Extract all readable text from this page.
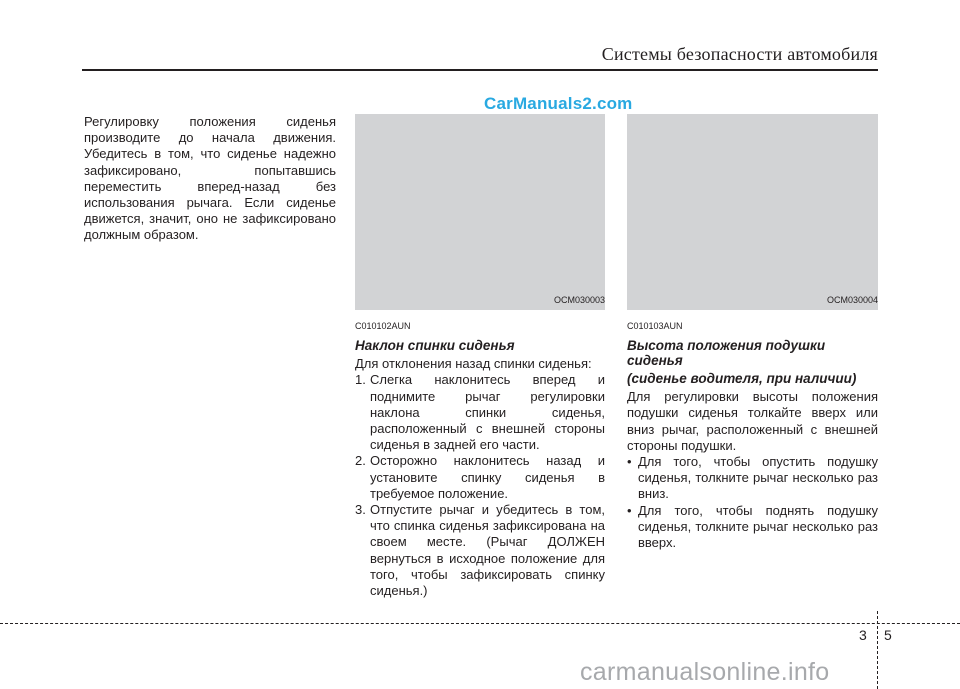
Системы безопасности автомобиля
CarManuals2.com

Регулировку положения сиденья производите до начала движения. Убедитесь в том, что сиденье надежно зафиксировано, попытавшись переместить вперед-назад без использования рычага. Если сиденье движется, значит, оно не зафиксировано должным образом.

OCM030003	OCM030004
C010102AUN
Наклон спинки сиденья

Для отклонения назад спинки сиденья:

1. Слегка наклонитесь вперед и поднимите рычаг регулировки наклона спинки сиденья, расположенный с внешней стороны сиденья в задней его части.
2. Осторожно наклонитесь назад и установите спинку сиденья в требуемое положение.
3. Отпустите рычаг и убедитесь в том, что спинка сиденья зафиксирована на своем месте. (Рычаг ДОЛЖЕН вернуться в исходное положение для того, чтобы зафиксировать спинку сиденья.)
C010103AUN
Высота положения подушки сиденья
(сиденье водителя, при наличии)

Для регулировки высоты положения подушки сиденья толкайте вверх или вниз рычаг, расположенный с внешней стороны подушки.

• Для того, чтобы опустить подушку сиденья, толкните рычаг несколько раз вниз.
• Для того, чтобы поднять подушку сиденья, толкните рычаг несколько раз вверх.
3 5
carmanualsonline.info
